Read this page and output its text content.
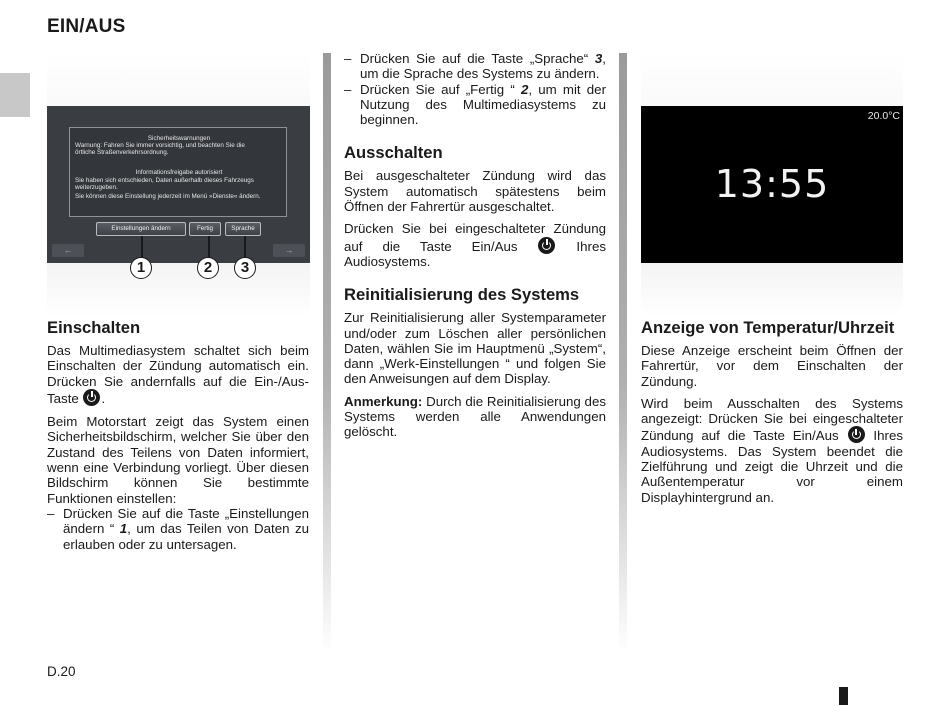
EIN/AUS
Sicherheitswarnungen
Warnung: Fahren Sie immer vorsichtig, und beachten Sie die
örtliche Straßenverkehrsordnung.
Informationsfreigabe autorisiert
Sie haben sich entschieden, Daten außerhalb dieses Fahrzeugs
weiterzugeben.
Sie können diese Einstellung jederzeit im Menü »Dienste« ändern.
Einstellungen ändern	Fertig	Sprache
←	→
1	2	3
20.0°C
13:55
Einschalten

Das Multimediasystem schaltet sich beim Einschalten der Zündung automatisch ein. Drücken Sie andernfalls auf die Ein-/Aus-Taste .

Beim Motorstart zeigt das System einen Sicherheitsbildschirm, welcher Sie über den Zustand des Teilens von Daten informiert, wenn eine Verbindung vorliegt. Über diesen Bildschirm können Sie bestimmte Funktionen einstellen:

– Drücken Sie auf die Taste „Einstellungen ändern “ 1, um das Teilen von Daten zu erlauben oder zu untersagen.
– Drücken Sie auf die Taste „Sprache“ 3, um die Sprache des Systems zu ändern.
– Drücken Sie auf „Fertig “ 2, um mit der Nutzung des Multimediasystems zu beginnen.
Ausschalten

Bei ausgeschalteter Zündung wird das System automatisch spätestens beim Öffnen der Fahrertür ausgeschaltet.

Drücken Sie bei eingeschalteter Zündung auf die Taste Ein/Aus	Ihres Audiosystems.

Reinitialisierung des Systems

Zur Reinitialisierung aller Systemparameter und/oder zum Löschen aller persönlichen Daten, wählen Sie im Hauptmenü „System“, dann „Werk-Einstellungen “ und folgen Sie den Anweisungen auf dem Display.

Anmerkung: Durch die Reinitialisierung des Systems werden alle Anwendungen gelöscht.

Anzeige von Temperatur/Uhrzeit

Diese Anzeige erscheint beim Öffnen der Fahrertür, vor dem Einschalten der Zündung.

Wird beim Ausschalten des Systems angezeigt: Drücken Sie bei eingeschalteter Zündung auf die Taste Ein/Aus	Ihres Audiosystems. Das System beendet die Zielführung und zeigt die Uhrzeit und die Außentemperatur vor einem Displayhintergrund an.

D.20
